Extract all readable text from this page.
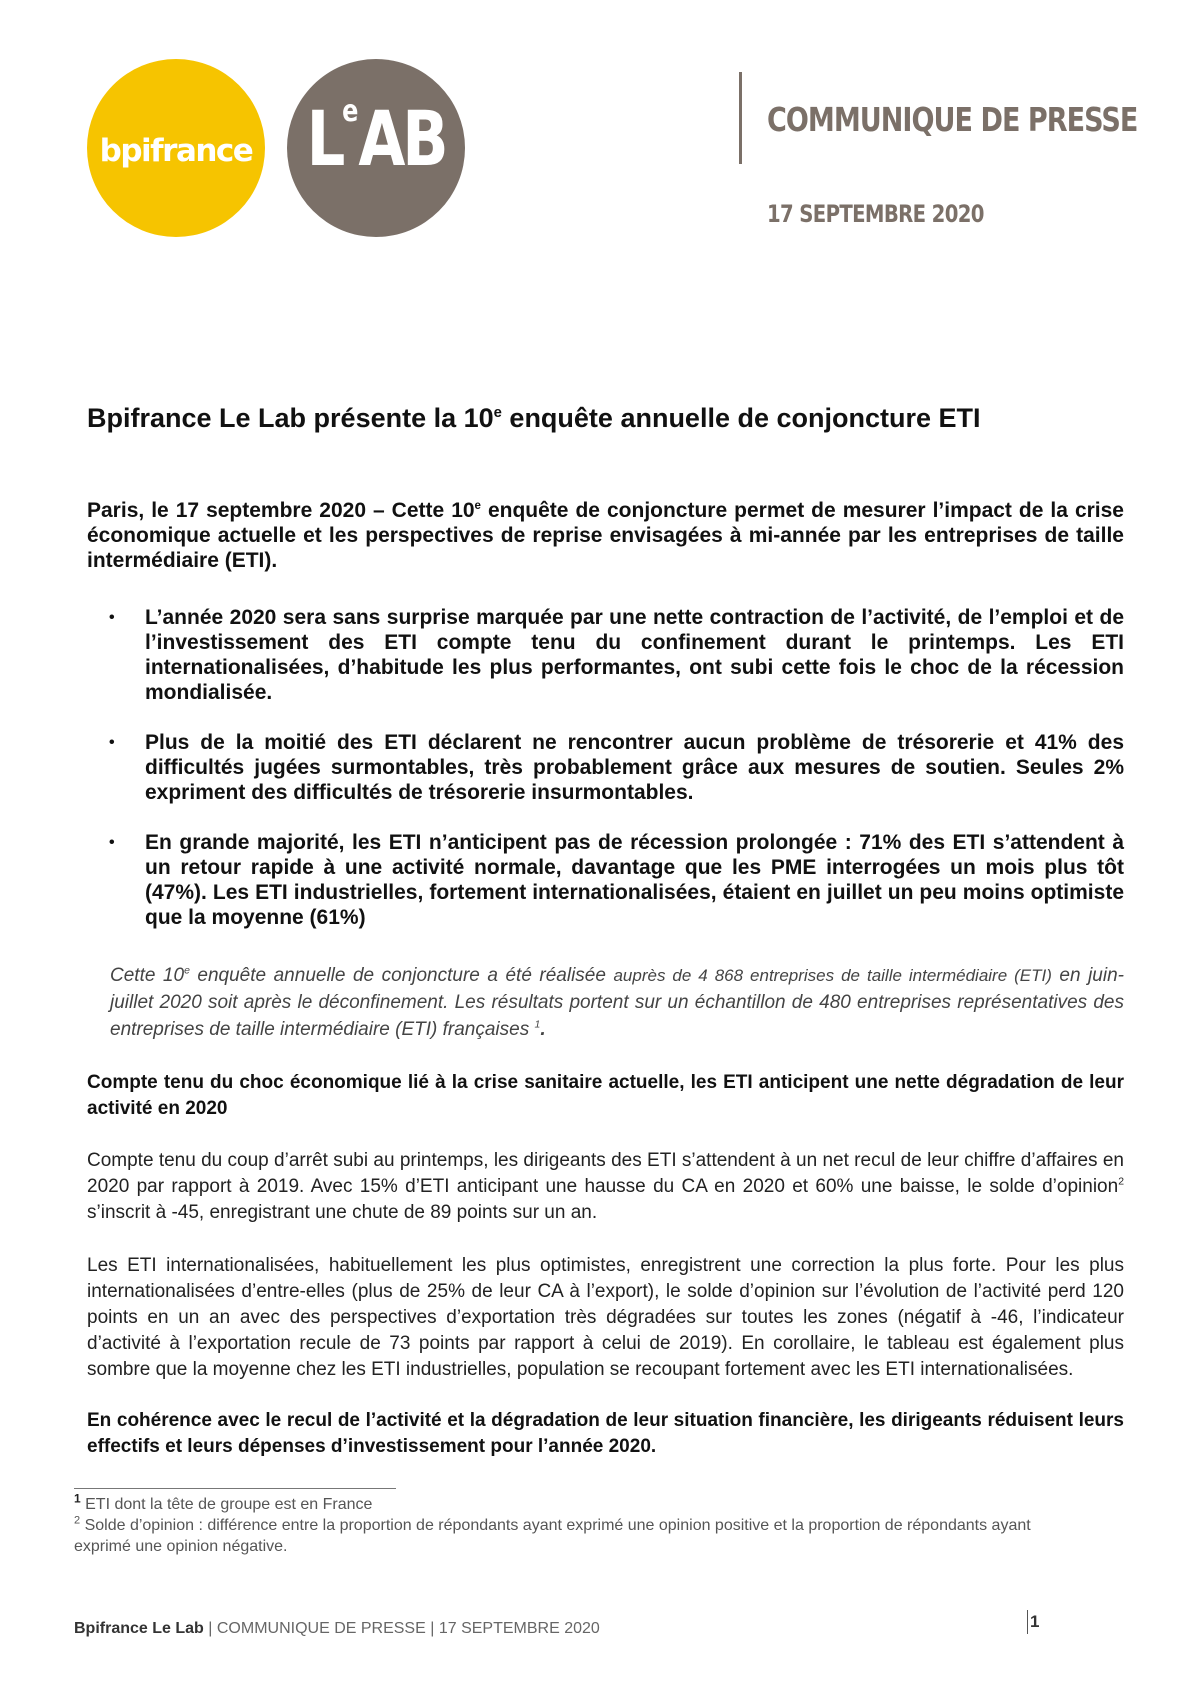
bpifrance LeAB	COMMUNIQUE DE PRESSE
17 SEPTEMBRE 2020
Bpifrance Le Lab présente la 10e enquête annuelle de conjoncture ETI
Paris, le 17 septembre 2020 – Cette 10e enquête de conjoncture permet de mesurer l’impact de la crise économique actuelle et les perspectives de reprise envisagées à mi-année par les entreprises de taille intermédiaire (ETI).
• L’année 2020 sera sans surprise marquée par une nette contraction de l’activité, de l’emploi et de l’investissement des ETI compte tenu du confinement durant le printemps. Les ETI internationalisées, d’habitude les plus performantes, ont subi cette fois le choc de la récession mondialisée.
• Plus de la moitié des ETI déclarent ne rencontrer aucun problème de trésorerie et 41% des difficultés jugées surmontables, très probablement grâce aux mesures de soutien. Seules 2% expriment des difficultés de trésorerie insurmontables.
• En grande majorité, les ETI n’anticipent pas de récession prolongée : 71% des ETI s’attendent à un retour rapide à une activité normale, davantage que les PME interrogées un mois plus tôt (47%). Les ETI industrielles, fortement internationalisées, étaient en juillet un peu moins optimiste que la moyenne (61%)
Cette 10e enquête annuelle de conjoncture a été réalisée auprès de 4 868 entreprises de taille intermédiaire (ETI) en juin-juillet 2020 soit après le déconfinement. Les résultats portent sur un échantillon de 480 entreprises représentatives des entreprises de taille intermédiaire (ETI) françaises $^1$.
Compte tenu du choc économique lié à la crise sanitaire actuelle, les ETI anticipent une nette dégradation de leur activité en 2020
Compte tenu du coup d’arrêt subi au printemps, les dirigeants des ETI s’attendent à un net recul de leur chiffre d’affaires en 2020 par rapport à 2019. Avec 15% d’ETI anticipant une hausse du CA en 2020 et 60% une baisse, le solde d’opinion$^2$ s’inscrit à -45, enregistrant une chute de 89 points sur un an.
Les ETI internationalisées, habituellement les plus optimistes, enregistrent une correction la plus forte. Pour les plus internationalisées d’entre-elles (plus de 25% de leur CA à l’export), le solde d’opinion sur l’évolution de l’activité perd 120 points en un an avec des perspectives d’exportation très dégradées sur toutes les zones (négatif à -46, l’indicateur d’activité à l’exportation recule de 73 points par rapport à celui de 2019). En corollaire, le tableau est également plus sombre que la moyenne chez les ETI industrielles, population se recoupant fortement avec les ETI internationalisées.
En cohérence avec le recul de l’activité et la dégradation de leur situation financière, les dirigeants réduisent leurs effectifs et leurs dépenses d’investissement pour l’année 2020.
$^1$ ETI dont la tête de groupe est en France
$^2$ Solde d’opinion : différence entre la proportion de répondants ayant exprimé une opinion positive et la proportion de répondants ayant exprimé une opinion négative.
Bpifrance Le Lab | COMMUNIQUE DE PRESSE | 17 SEPTEMBRE 2020	1
